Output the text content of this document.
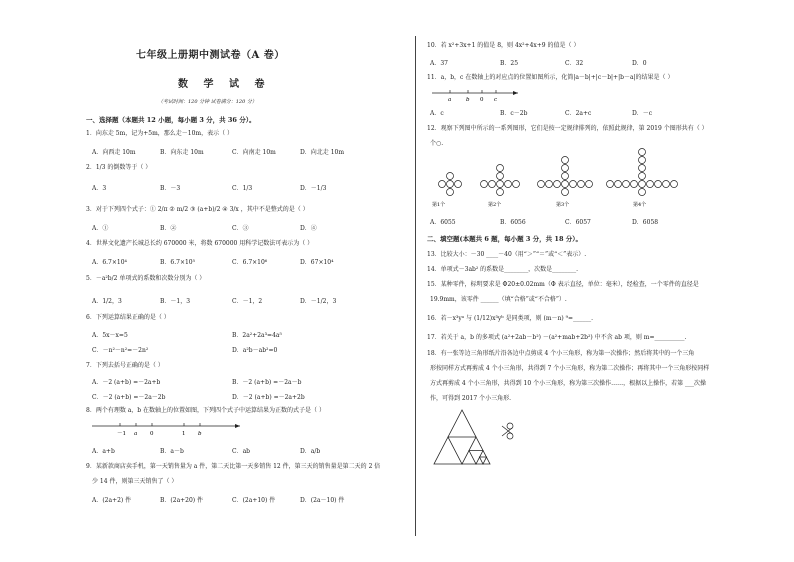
七年级上册期中测试卷（A 卷）
数 学 试 卷
（考试时间：120 分钟 试卷满分：120 分）
一、选择题（本题共 12 小题，每小题 3 分，共 36 分）。
1．向东走 5m，记为+5m，那么走－10m，表示（ ）
A．向西走 10m	B．向东走 10m	C．向南走 10m	D．向北走 10m
2．1/3 的倒数等于（ ）
A．3	B．－3	C．1/3	D．－1/3
3．对于下列四个式子：① 2/π ② m/2 ③ (a+b)/2 ④ 3/x ，其中不是整式的是（ ）
A．①	B．②	C．③	D．④
4．世界文化遗产长城总长约 670000 米，将数 670000 用科学记数法可表示为（ ）
A．6.7×10⁴	B．6.7×10⁵	C．6.7×10⁶	D．67×10⁴
5．－a²b/2 单项式的系数和次数分别为（ ）
A．1/2，3	B．－1，3	C．－1，2	D．－1/2，3
6．下列运算结果正确的是（ ）
A．5x－x=5	B．2a²+2a³=4a⁵
C．－n²－n²=－2n²	D．a²b－ab²=0
7．下列去括号正确的是（ ）
A．－2 (a+b) =－2a+b	B．－2 (a+b) =－2a－b
C．－2 (a+b) =－2a－2b	D．－2 (a+b) =－2a+2b
8．两个有理数 a，b 在数轴上的位置如图，下列四个式子中运算结果为正数的式子是（ ）
－1 a 0	1 b
A．a+b	B．a－b	C．ab	D．a/b
9．某新款商店卖手机，第一天销售量为 a 件，第二天比第一天多销售 12 件，第三天的销售量是第二天的 2 倍
少 14 件，则第三天销售了（ ）
A．(2a+2) 件	B．(2a+20) 件	C．(2a+10) 件	D．(2a－10) 件
10．若 x²+3x+1 的值是 8，则 4x²+4x+9 的值是（ ）
A．37	B．25	C．32	D．0
11．a，b，c 在数轴上的对应点的位置如图所示，化简|a－b|+|c－b|+|b－a|的结果是（ ）
a	b 0 c
A．c	B．c－2b	C．2a+c	D．－c
12．观察下列图中所示的一系列图形，它们是按一定规律排列的，依照此规律，第 2019 个图形共有（ ）
个○.
第1个	第2个	第3个	第4个
A．6055	B．6056	C．6057	D．6058
二、填空题(本题共 6 题，每小题 3 分，共 18 分）。
13．比较大小：－30 ____－40（用“＞”“＝”或“＜”表示）.
14．单项式－3ab² 的系数是________，次数是________.
15．某种零件，标明要求是 Φ20±0.02mm（Φ 表示直径，单位：毫米），经检查，一个零件的直径是
19.9mm，该零件 ______（填“合格”或“不合格”）.
16．若－x³yᵃ 与 (1/12)x³yᵇ 是同类项，则 (m－n) ⁹=______.
17．若关于 a，b 的多项式 (a²+2ab－b²) －(a²+mab+2b²) 中不含 ab 项，则 m=__________.
18．有一张等边三角形纸片沿各边中点剪成 4 个小三角形，称为第一次操作；然后将其中的一个三角
形按同样方式再剪成 4 个小三角形，共得到 7 个小三角形，称为第二次操作；再将其中一个三角形按同样
方式再剪成 4 个小三角形，共得到 10 个小三角形，称为第三次操作……，根据以上操作，若第 ___次操
作，可得到 2017 个小三角形.
